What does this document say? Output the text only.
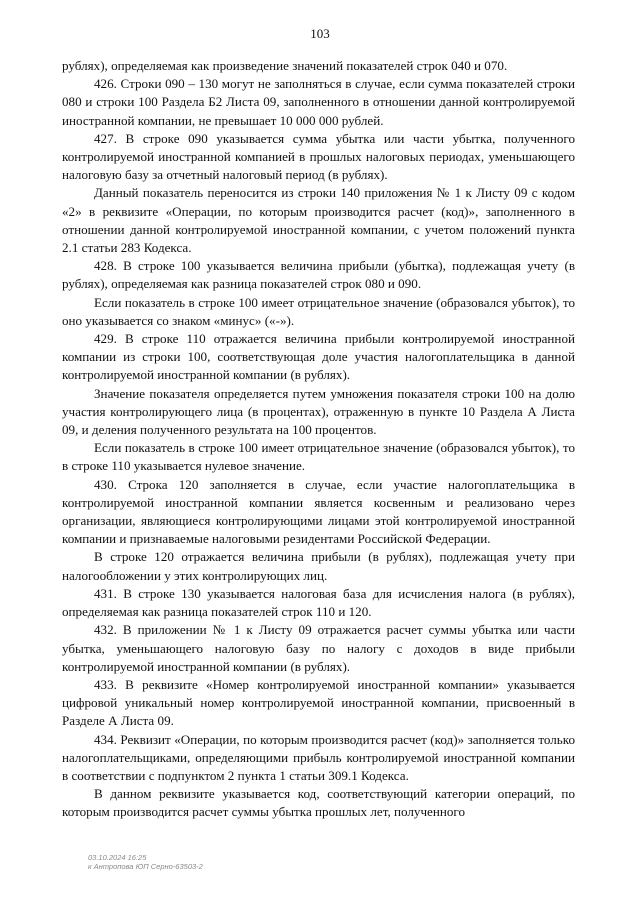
103

рублях), определяемая как произведение значений показателей строк 040 и 070.

426. Строки 090 – 130 могут не заполняться в случае, если сумма показателей строки 080 и строки 100 Раздела Б2 Листа 09, заполненного в отношении данной контролируемой иностранной компании, не превышает 10 000 000 рублей.

427. В строке 090 указывается сумма убытка или части убытка, полученного контролируемой иностранной компанией в прошлых налоговых периодах, уменьшающего налоговую базу за отчетный налоговый период (в рублях).

Данный показатель переносится из строки 140 приложения № 1 к Листу 09 с кодом «2» в реквизите «Операции, по которым производится расчет (код)», заполненного в отношении данной контролируемой иностранной компании, с учетом положений пункта 2.1 статьи 283 Кодекса.

428. В строке 100 указывается величина прибыли (убытка), подлежащая учету (в рублях), определяемая как разница показателей строк 080 и 090.

Если показатель в строке 100 имеет отрицательное значение (образовался убыток), то оно указывается со знаком «минус» («-»).

429. В строке 110 отражается величина прибыли контролируемой иностранной компании из строки 100, соответствующая доле участия налогоплательщика в данной контролируемой иностранной компании (в рублях).

Значение показателя определяется путем умножения показателя строки 100 на долю участия контролирующего лица (в процентах), отраженную в пункте 10 Раздела А Листа 09, и деления полученного результата на 100 процентов.

Если показатель в строке 100 имеет отрицательное значение (образовался убыток), то в строке 110 указывается нулевое значение.

430. Строка 120 заполняется в случае, если участие налогоплательщика в контролируемой иностранной компании является косвенным и реализовано через организации, являющиеся контролирующими лицами этой контролируемой иностранной компании и признаваемые налоговыми резидентами Российской Федерации.

В строке 120 отражается величина прибыли (в рублях), подлежащая учету при налогообложении у этих контролирующих лиц.

431. В строке 130 указывается налоговая база для исчисления налога (в рублях), определяемая как разница показателей строк 110 и 120.

432. В приложении № 1 к Листу 09 отражается расчет суммы убытка или части убытка, уменьшающего налоговую базу по налогу с доходов в виде прибыли контролируемой иностранной компании (в рублях).

433. В реквизите «Номер контролируемой иностранной компании» указывается цифровой уникальный номер контролируемой иностранной компании, присвоенный в Разделе А Листа 09.

434. Реквизит «Операции, по которым производится расчет (код)» заполняется только налогоплательщиками, определяющими прибыль контролируемой иностранной компании в соответствии с подпунктом 2 пункта 1 статьи 309.1 Кодекса.

В данном реквизите указывается код, соответствующий категории операций, по которым производится расчет суммы убытка прошлых лет, полученного

03.10.2024 16:25
к Антропова ЮП Серно-63503-2
